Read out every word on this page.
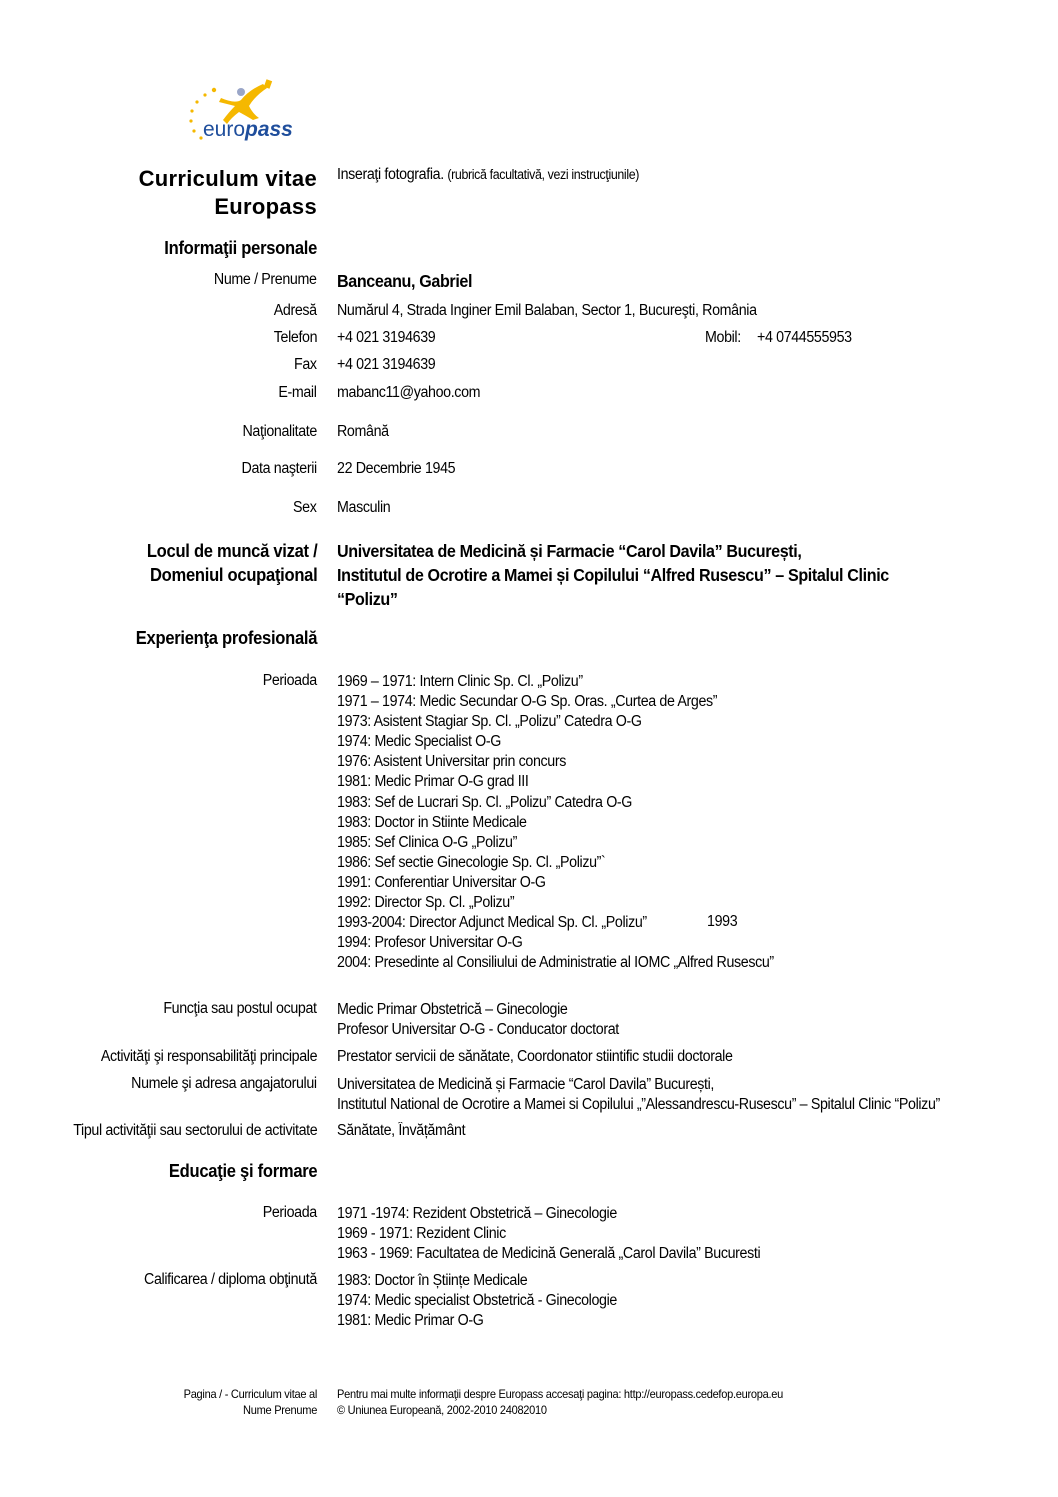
euro pass
Curriculum vitae
Europass
Inseraţi fotografia. (rubrică facultativă, vezi instrucţiunile)
Informaţii personale
Nume / Prenume Banceanu, Gabriel
Adresă Numărul 4, Strada Inginer Emil Balaban, Sector 1, Bucureşti, România
Telefon +4 021 3194639	Mobil: +4 0744555953
Fax +4 021 3194639
E-mail mabanc11@yahoo.com
Naţionalitate Română
Data naşterii 22 Decembrie 1945
Sex Masculin
Locul de muncă vizat /
Domeniul ocupaţional
Universitatea de Medicină și Farmacie “Carol Davila” București,
Institutul de Ocrotire a Mamei și Copilului “Alfred Rusescu” – Spitalul Clinic
“Polizu”
Experienţa profesională
Perioada 1969 – 1971: Intern Clinic Sp. Cl. „Polizu”
1971 – 1974: Medic Secundar O-G Sp. Oras. „Curtea de Arges”
1973: Asistent Stagiar Sp. Cl. „Polizu” Catedra O-G
1974: Medic Specialist O-G
1976: Asistent Universitar prin concurs
1981: Medic Primar O-G grad III
1983: Sef de Lucrari Sp. Cl. „Polizu” Catedra O-G
1983: Doctor in Stiinte Medicale
1985: Sef Clinica O-G „Polizu”
1986: Sef sectie Ginecologie Sp. Cl. „Polizu”`
1991: Conferentiar Universitar O-G
1992: Director Sp. Cl. „Polizu”
1993-2004: Director Adjunct Medical Sp. Cl. „Polizu”
1994: Profesor Universitar O-G
2004: Presedinte al Consiliului de Administratie al IOMC „Alfred Rusescu”
1993
Funcţia sau postul ocupat Medic Primar Obstetrică – Ginecologie
Profesor Universitar O-G - Conducator doctorat
Activităţi şi responsabilităţi principale Prestator servicii de sănătate, Coordonator stiintific studii doctorale
Numele şi adresa angajatorului Universitatea de Medicină și Farmacie “Carol Davila” București,
Institutul National de Ocrotire a Mamei si Copilului „”Alessandrescu-Rusescu” – Spitalul Clinic “Polizu”
Tipul activităţii sau sectorului de activitate Sănătate, Învățământ
Educaţie şi formare
Perioada 1971 -1974: Rezident Obstetrică – Ginecologie
1969 - 1971: Rezident Clinic
1963 - 1969: Facultatea de Medicină Generală „Carol Davila” Bucuresti
Calificarea / diploma obţinută 1983: Doctor în Științe Medicale
1974: Medic specialist Obstetrică - Ginecologie
1981: Medic Primar O-G
Pagina / - Curriculum vitae al
Nume Prenume
Pentru mai multe informaţii despre Europass accesaţi pagina: http://europass.cedefop.europa.eu
© Uniunea Europeană, 2002-2010 24082010
